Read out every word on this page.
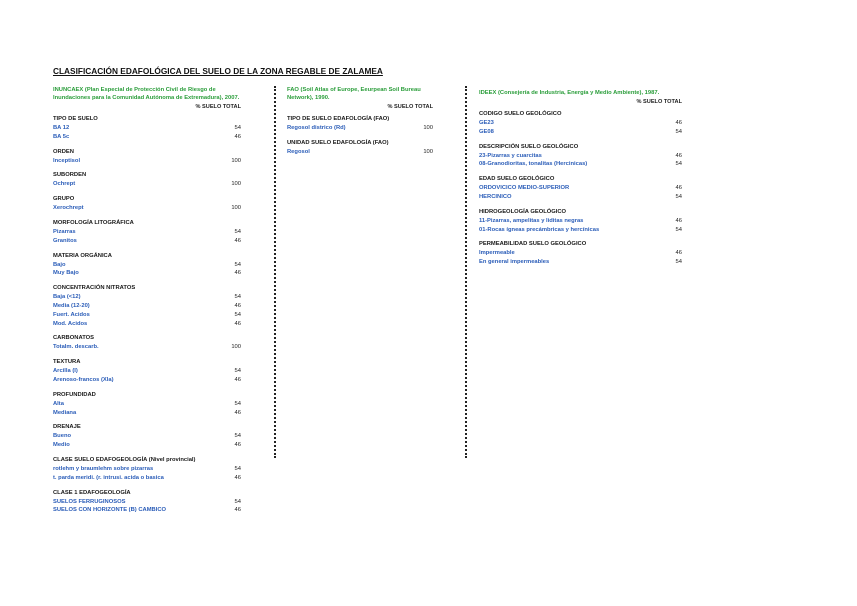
CLASIFICACIÓN EDAFOLÓGICA DEL SUELO DE LA ZONA REGABLE DE ZALAMEA
INUNCAEX (Plan Especial de Protección Civil de Riesgo de Inundaciones para la Comunidad Autónoma de Extremadura), 2007.
% SUELO TOTAL
TIPO DE SUELO
BA 12	54
BA 5c	46
ORDEN
Inceptisol	100
SUBORDEN
Ochrept	100
GRUPO
Xerochrept	100
MORFOLOGÍA LITOGRÁFICA
Pizarras	54
Granitos	46
MATERIA ORGÁNICA
Bajo	54
Muy Bajo	46
CONCENTRACIÓN NITRATOS
Baja (<12)	54
Media (12-20)	46
Fuert. Acidos	54
Mod. Acidos	46
CARBONATOS
Totalm. descarb.	100
TEXTURA
Arcilla (I)	54
Arenoso-francos (Xla)	46
PROFUNDIDAD
Alta	54
Mediana	46
DRENAJE
Bueno	54
Medio	46
CLASE SUELO EDAFOGEOLOGÍA (Nivel provincial)
rotlehm y braumlehm sobre pizarras	54
t. parda meridi. (r. intrusi. acida o basica	46
CLASE 1 EDAFOGEOLOGÍA
SUELOS FERRUGINOSOS	54
SUELOS CON HORIZONTE (B) CAMBICO	46
FAO (Soil Atlas of Europe, Eeurpean Soil Bureau Network), 1990.
% SUELO TOTAL
TIPO DE SUELO EDAFOLOGÍA (FAO)
Regosol districo (Rd)	100
UNIDAD SUELO EDAFOLOGÍA (FAO)
Regosol	100
IDEEX (Consejería de Industria, Energía y Medio Ambiente), 1987.
% SUELO TOTAL
CODIGO SUELO GEOLÓGICO
GE23	46
GE08	54
DESCRIPCIÓN SUELO GEOLÓGICO
23-Pizarras y cuarcitas	46
08-Granodioritas, tonalitas (Hercinicas)	54
EDAD SUELO GEOLÓGICO
ORDOVICICO MEDIO-SUPERIOR	46
HERCINICO	54
HIDROGEOLOGÍA GEOLÓGICO
11-Pizarras, ampelitas y liditas negras	46
01-Rocas ígneas precámbricas y hercínicas	54
PERMEABILIDAD SUELO GEOLÓGICO
Impermeable	46
En general impermeables	54
